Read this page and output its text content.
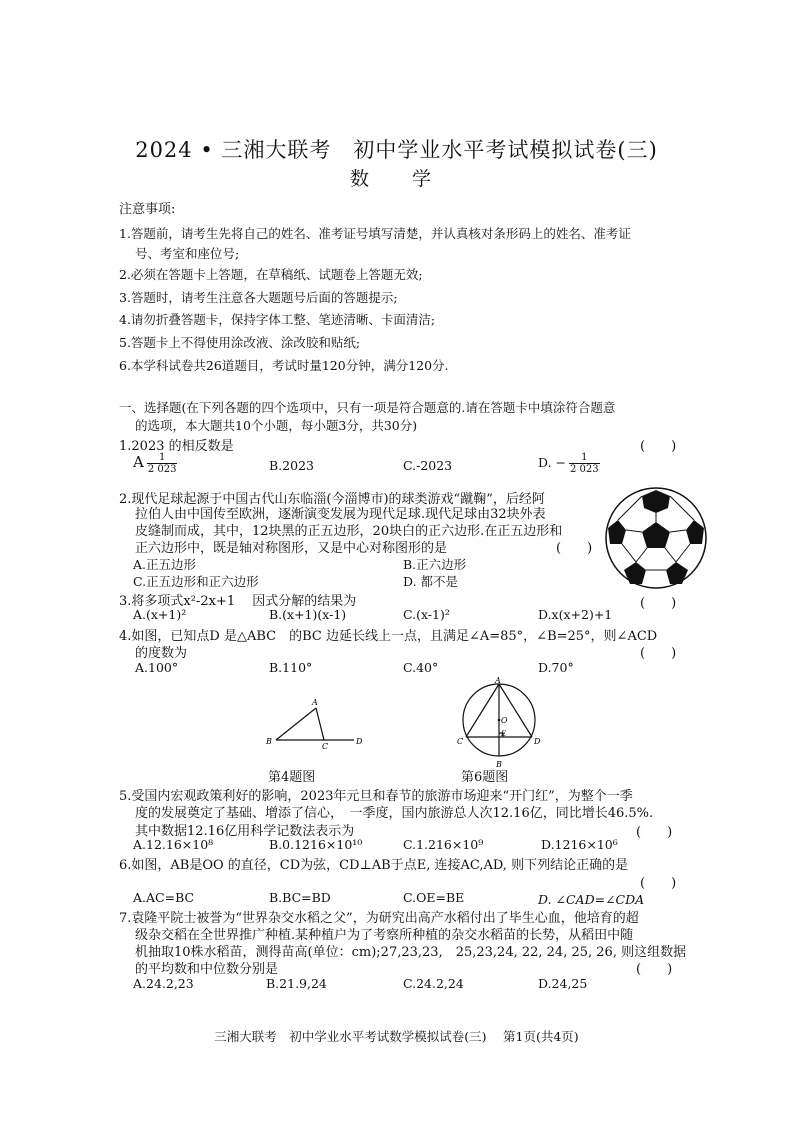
2024 • 三湘大联考　初中学业水平考试模拟试卷(三)
数　学
注意事项:
1.答题前，请考生先将自己的姓名、准考证号填写清楚，并认真核对条形码上的姓名、准考证
号、考室和座位号;
2.必须在答题卡上答题，在草稿纸、试题卷上答题无效;
3.答题时，请考生注意各大题题号后面的答题提示;
4.请勿折叠答题卡，保持字体工整、笔迹清晰、卡面清洁;
5.答题卡上不得使用涂改液、涂改胶和贴纸;
6.本学科试卷共26道题目，考试时量120分钟，满分120分.
一、选择题(在下列各题的四个选项中，只有一项是符合题意的.请在答题卡中填涂符合题意
的选项，本大题共10个小题，每小题3分，共30分)
1.2023 的相反数是	(　　)
A $\frac{1}{2 023}$	B.2023	C.-2023	D. − $\frac{1}{2 023}$
2.现代足球起源于中国古代山东临淄(今淄博市)的球类游戏“蹴鞠”，后经阿
拉伯人由中国传至欧洲，逐渐演变发展为现代足球.现代足球由32块外表
皮缝制而成，其中，12块黑的正五边形，20块白的正六边形.在正五边形和
正六边形中，既是轴对称图形，又是中心对称图形的是	(　　)
A.正五边形	B.正六边形
C.正五边形和正六边形	D. 都不是
3.将多项式x²-2x+1　 因式分解的结果为	(　　)
A.(x+1)²	B.(x+1)(x-1)	C.(x-1)²	D.x(x+2)+1
4.如图，已知点D 是△ABC　的BC 边延长线上一点，且满足∠A=85°，∠B=25°，则∠ACD
的度数为	(　　)
A.100°	B.110°	C.40°	D.70°
A
B
C
D
第4题图
A
O
E
C	D
B
第6题图
5.受国内宏观政策利好的影响，2023年元旦和春节的旅游市场迎来“开门红”，为整个一季
度的发展奠定了基础、增添了信心，　一季度，国内旅游总人次12.16亿，同比增长46.5%.
其中数据12.16亿用科学记数法表示为	(　　)
A.12.16×10⁸	B.0.1216×10¹⁰	C.1.216×10⁹	D.1216×10⁶
6.如图，AB是OO 的直径，CD为弦，CD⊥AB于点E, 连接AC,AD, 则下列结论正确的是
(　　)
A.AC=BC	B.BC=BD	C.OE=BE	D. ∠CAD=∠CDA
7.袁隆平院士被誉为“世界杂交水稻之父”，为研究出高产水稻付出了毕生心血，他培育的超
级杂交稻在全世界推广种植.某种植户为了考察所种植的杂交水稻苗的长势，从稻田中随
机抽取10株水稻苗，测得苗高(单位：cm);27,23,23,　25,23,24, 22, 24, 25, 26, 则这组数据
的平均数和中位数分别是	(　　)
A.24.2,23	B.21.9,24	C.24.2,24	D.24,25
三湘大联考　初中学业水平考试数学模拟试卷(三)　 第1页(共4页)
